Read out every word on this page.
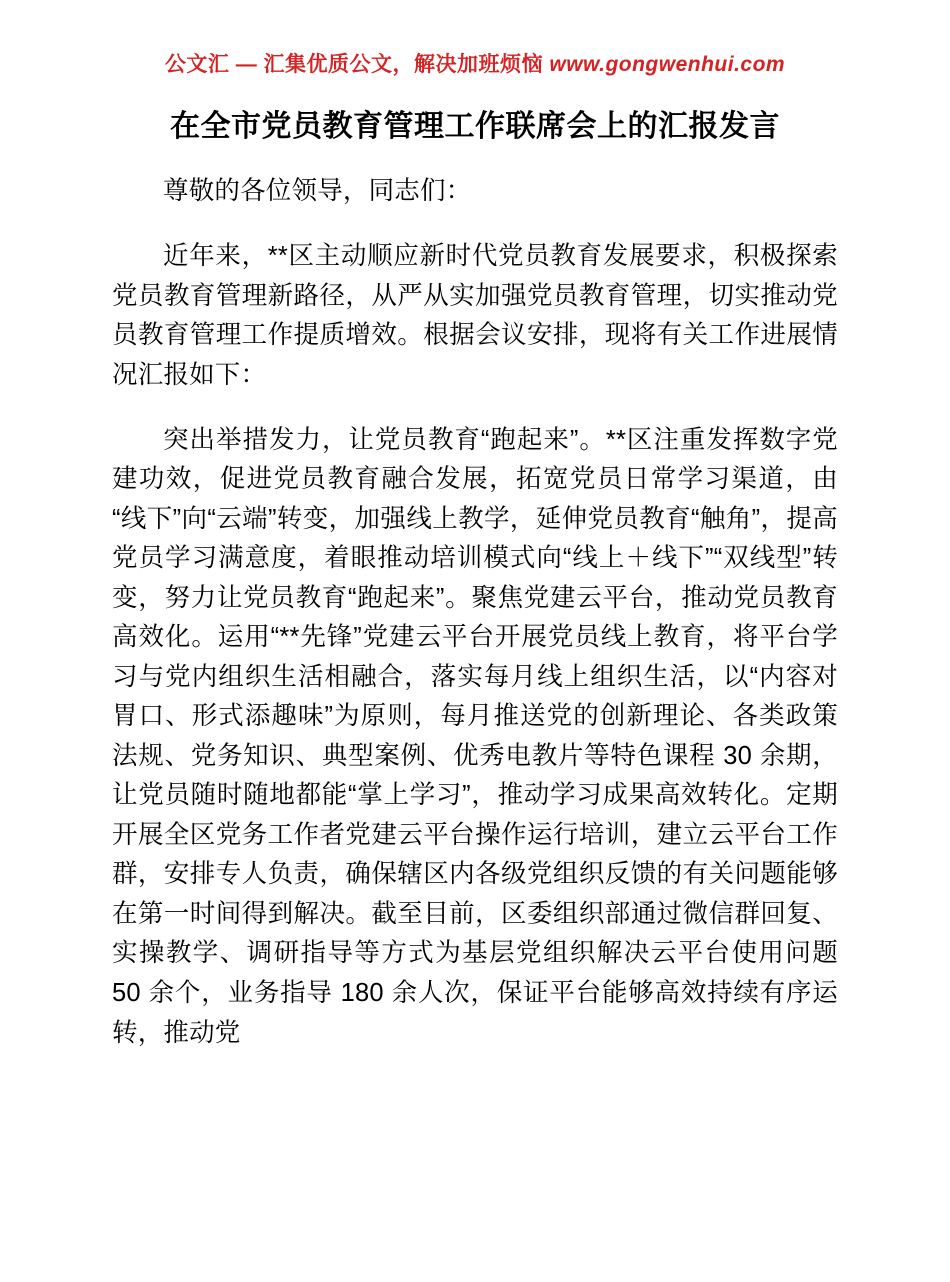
公文汇 — 汇集优质公文，解决加班烦恼 www.gongwenhui.com
在全市党员教育管理工作联席会上的汇报发言

尊敬的各位领导，同志们：

近年来，**区主动顺应新时代党员教育发展要求，积极探索党员教育管理新路径，从严从实加强党员教育管理，切实推动党员教育管理工作提质增效。根据会议安排，现将有关工作进展情况汇报如下：

突出举措发力，让党员教育“跑起来”。**区注重发挥数字党建功效，促进党员教育融合发展，拓宽党员日常学习渠道，由“线下”向“云端”转变，加强线上教学，延伸党员教育“触角”，提高党员学习满意度，着眼推动培训模式向“线上＋线下”“双线型”转变，努力让党员教育“跑起来”。聚焦党建云平台，推动党员教育高效化。运用“**先锋”党建云平台开展党员线上教育，将平台学习与党内组织生活相融合，落实每月线上组织生活，以“内容对胃口、形式添趣味”为原则，每月推送党的创新理论、各类政策法规、党务知识、典型案例、优秀电教片等特色课程 30 余期，让党员随时随地都能“掌上学习”，推动学习成果高效转化。定期开展全区党务工作者党建云平台操作运行培训，建立云平台工作群，安排专人负责，确保辖区内各级党组织反馈的有关问题能够在第一时间得到解决。截至目前，区委组织部通过微信群回复、实操教学、调研指导等方式为基层党组织解决云平台使用问题 50 余个，业务指导 180 余人次，保证平台能够高效持续有序运转，推动党
